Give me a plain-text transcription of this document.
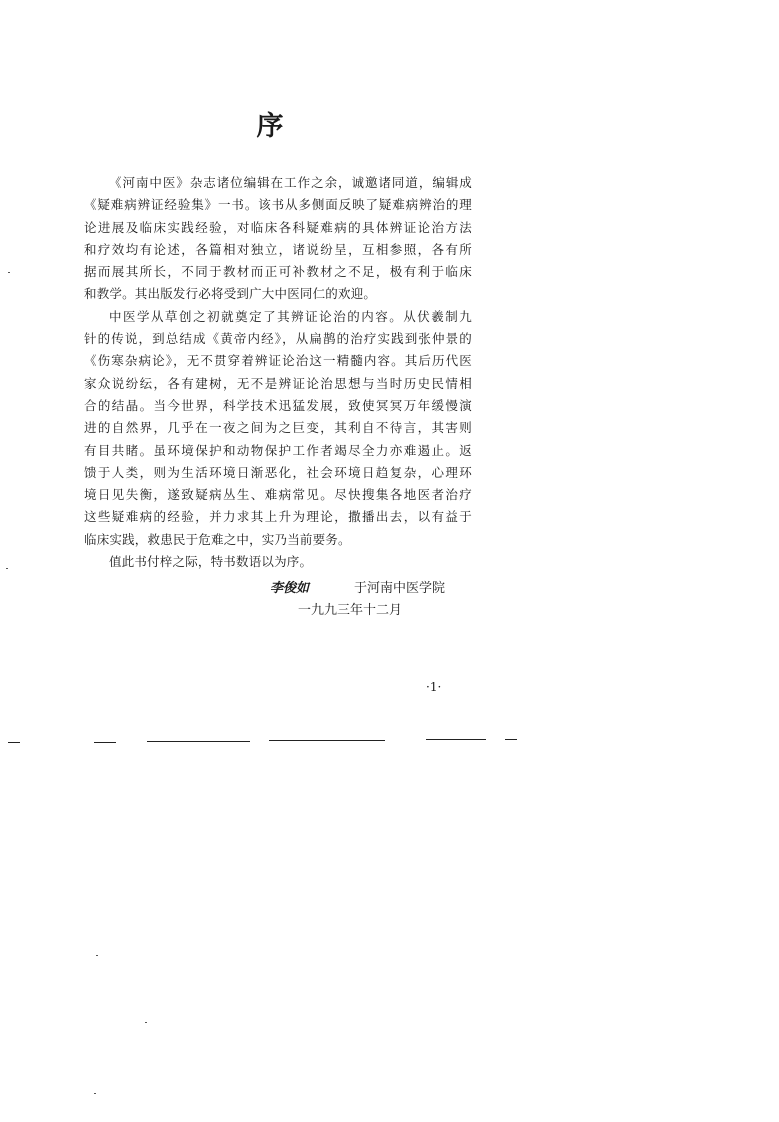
序
《河南中医》杂志诸位编辑在工作之余，诚邀诸同道，编辑成
《疑难病辨证经验集》一书。该书从多侧面反映了疑难病辨治的理
论进展及临床实践经验，对临床各科疑难病的具体辨证论治方法
和疗效均有论述，各篇相对独立，诸说纷呈，互相参照，各有所
据而展其所长，不同于教材而正可补教材之不足，极有利于临床
和教学。其出版发行必将受到广大中医同仁的欢迎。
中医学从草创之初就奠定了其辨证论治的内容。从伏羲制九
针的传说，到总结成《黄帝内经》，从扁鹊的治疗实践到张仲景的
《伤寒杂病论》，无不贯穿着辨证论治这一精髓内容。其后历代医
家众说纷纭，各有建树，无不是辨证论治思想与当时历史民情相
合的结晶。当今世界，科学技术迅猛发展，致使冥冥万年缓慢演
进的自然界，几乎在一夜之间为之巨变，其利自不待言，其害则
有目共睹。虽环境保护和动物保护工作者竭尽全力亦难遏止。返
馈于人类，则为生活环境日渐恶化，社会环境日趋复杂，心理环
境日见失衡，遂致疑病丛生、难病常见。尽快搜集各地医者治疗
这些疑难病的经验，并力求其上升为理论，撒播出去，以有益于
临床实践，救患民于危难之中，实乃当前要务。
值此书付梓之际，特书数语以为序。
李俊如	于河南中医学院
一九九三年十二月
·1·
